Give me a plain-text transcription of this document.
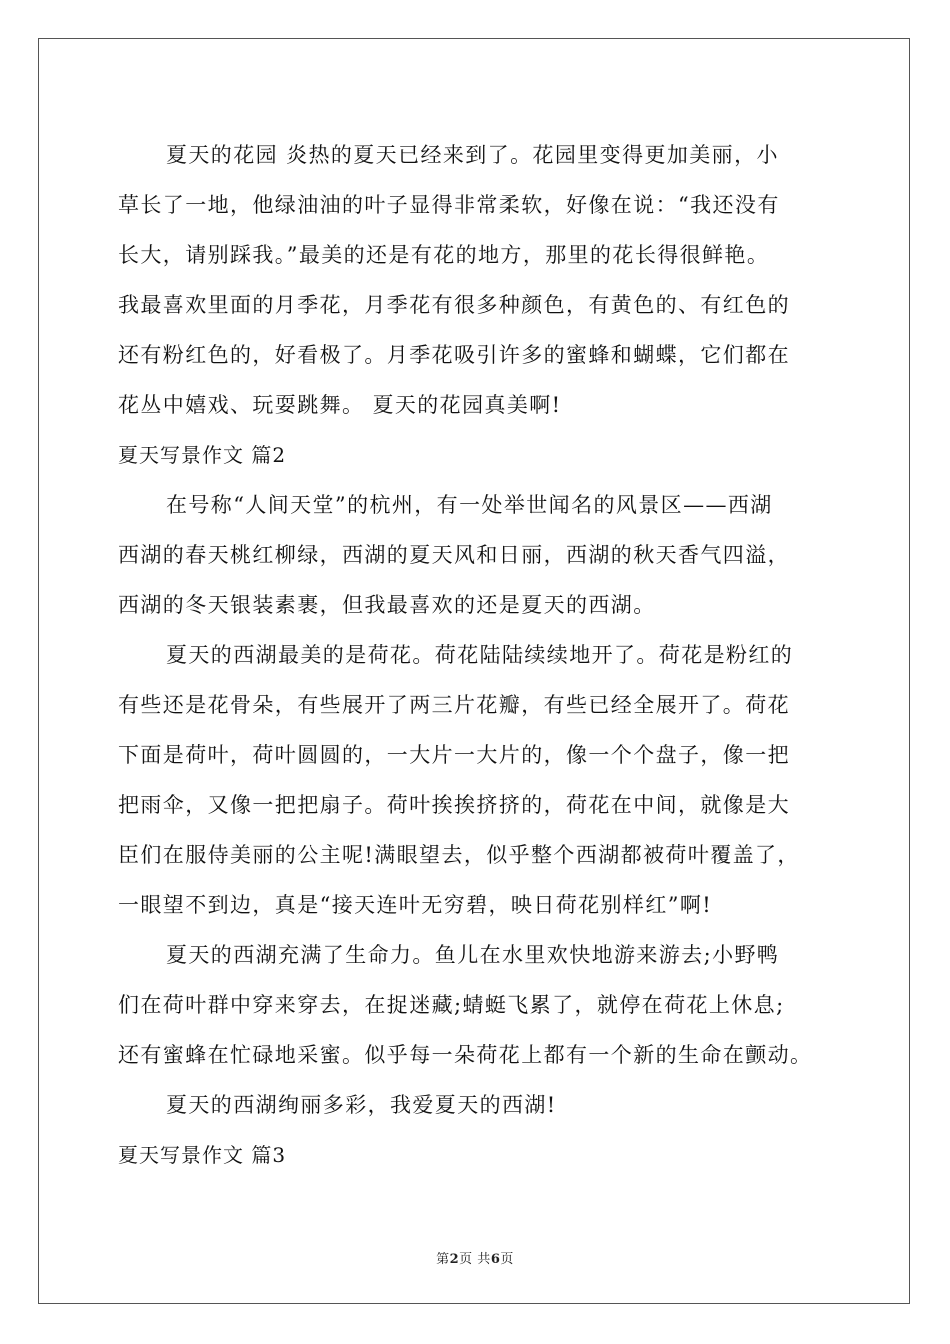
夏天的花园 炎热的夏天已经来到了。花园里变得更加美丽，小
草长了一地，他绿油油的叶子显得非常柔软，好像在说：“我还没有
长大，请别踩我。”最美的还是有花的地方，那里的花长得很鲜艳。
我最喜欢里面的月季花，月季花有很多种颜色，有黄色的、有红色的
还有粉红色的，好看极了。月季花吸引许多的蜜蜂和蝴蝶，它们都在
花丛中嬉戏、玩耍跳舞。 夏天的花园真美啊!
夏天写景作文 篇2
在号称“人间天堂”的杭州，有一处举世闻名的风景区——西湖
西湖的春天桃红柳绿，西湖的夏天风和日丽，西湖的秋天香气四溢，
西湖的冬天银装素裹，但我最喜欢的还是夏天的西湖。
夏天的西湖最美的是荷花。荷花陆陆续续地开了。荷花是粉红的
有些还是花骨朵，有些展开了两三片花瓣，有些已经全展开了。荷花
下面是荷叶，荷叶圆圆的，一大片一大片的，像一个个盘子，像一把
把雨伞，又像一把把扇子。荷叶挨挨挤挤的，荷花在中间，就像是大
臣们在服侍美丽的公主呢!满眼望去，似乎整个西湖都被荷叶覆盖了，
一眼望不到边，真是“接天连叶无穷碧，映日荷花别样红”啊!
夏天的西湖充满了生命力。鱼儿在水里欢快地游来游去;小野鸭
们在荷叶群中穿来穿去，在捉迷藏;蜻蜓飞累了，就停在荷花上休息;
还有蜜蜂在忙碌地采蜜。似乎每一朵荷花上都有一个新的生命在颤动。
夏天的西湖绚丽多彩，我爱夏天的西湖!
夏天写景作文 篇3
第2页 共6页
